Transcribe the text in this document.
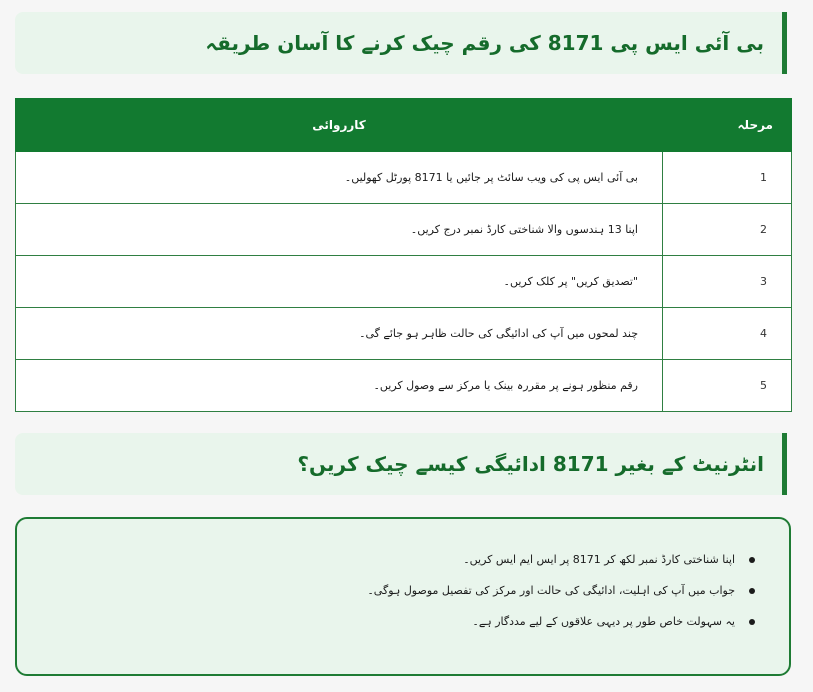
بی آئی ایس پی 8171 کی رقم چیک کرنے کا آسان طریقہ
مرحلہ	کارروائی
1	بی آئی ایس پی کی ویب سائٹ پر جائیں یا 8171 پورٹل کھولیں۔
2	اپنا 13 ہندسوں والا شناختی کارڈ نمبر درج کریں۔
3	"تصدیق کریں" پر کلک کریں۔
4	چند لمحوں میں آپ کی ادائیگی کی حالت ظاہر ہو جائے گی۔
5	رقم منظور ہونے پر مقررہ بینک یا مرکز سے وصول کریں۔
انٹرنیٹ کے بغیر 8171 ادائیگی کیسے چیک کریں؟
اپنا شناختی کارڈ نمبر لکھ کر 8171 پر ایس ایم ایس کریں۔
جواب میں آپ کی اہلیت، ادائیگی کی حالت اور مرکز کی تفصیل موصول ہوگی۔
یہ سہولت خاص طور پر دیہی علاقوں کے لیے مددگار ہے۔
